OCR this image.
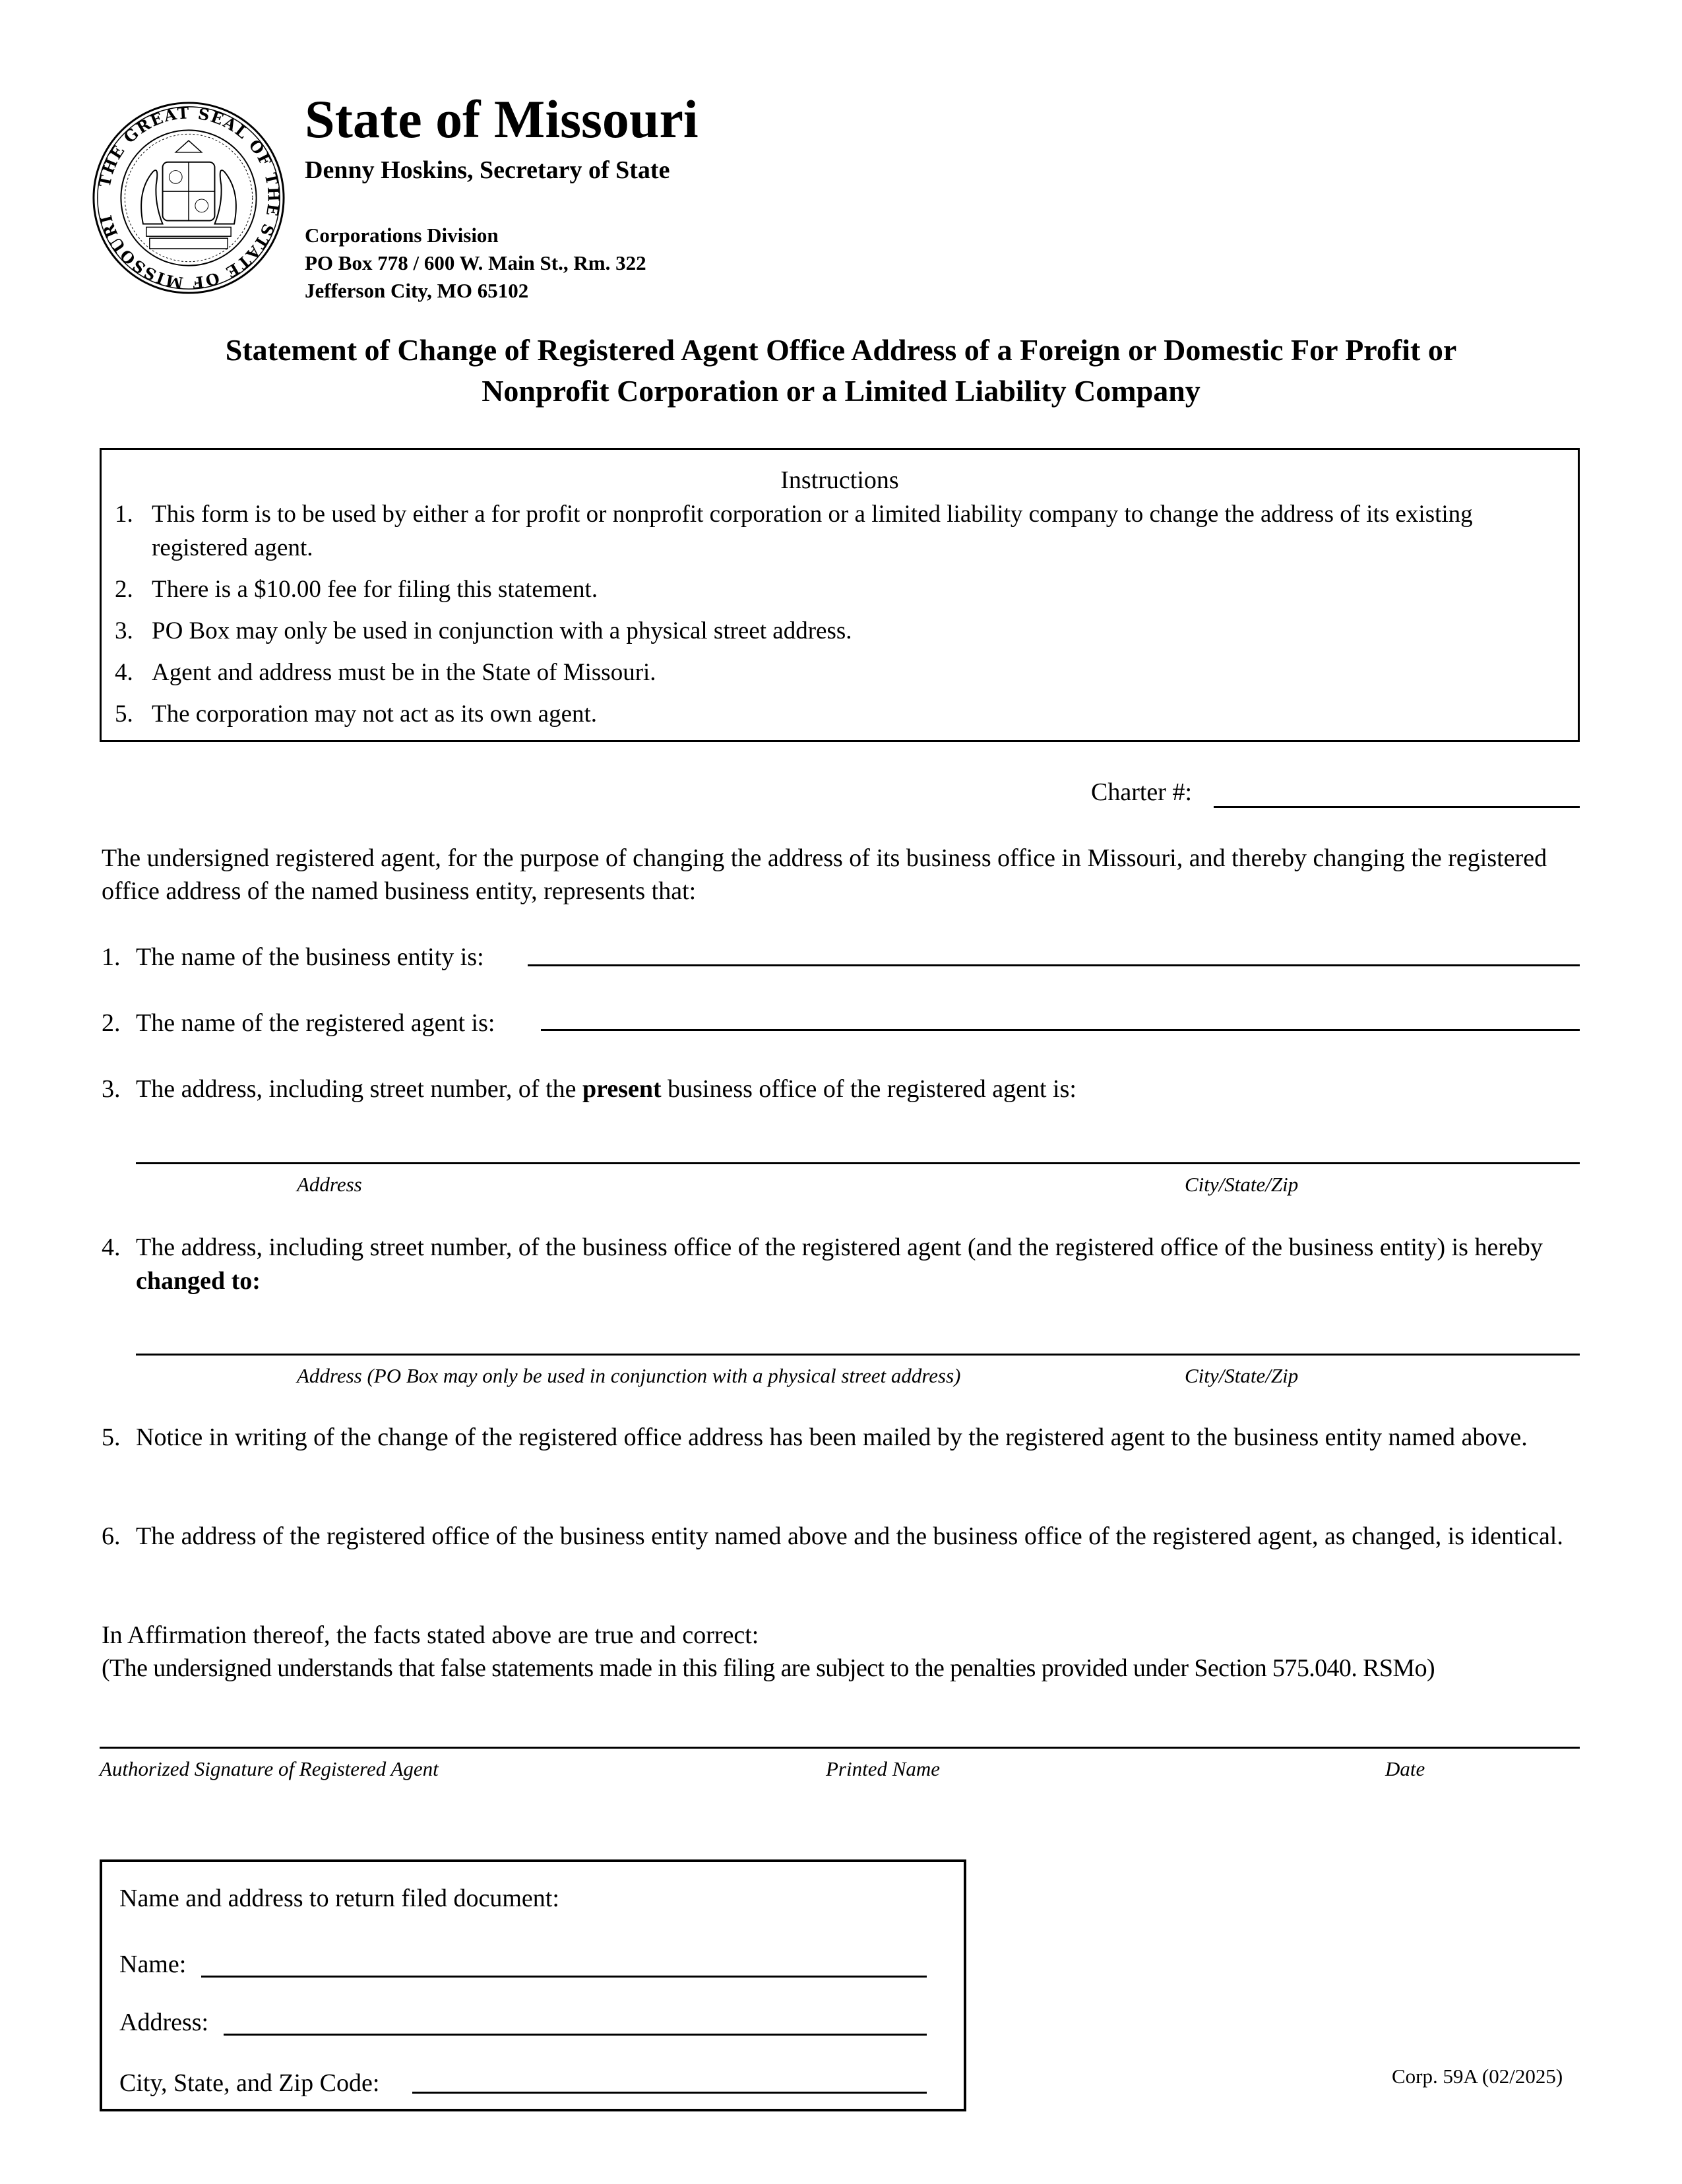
THE GREAT SEAL OF THE STATE OF MISSOURI
State of Missouri
Denny Hoskins, Secretary of State
Corporations Division
PO Box 778 / 600 W. Main St., Rm. 322
Jefferson City, MO 65102
Statement of Change of Registered Agent Office Address of a Foreign or Domestic For Profit or
Nonprofit Corporation or a Limited Liability Company
Instructions
1. This form is to be used by either a for profit or nonprofit corporation or a limited liability company to change the address of its existing registered agent.
2. There is a $10.00 fee for filing this statement.
3. PO Box may only be used in conjunction with a physical street address.
4. Agent and address must be in the State of Missouri.
5. The corporation may not act as its own agent.
Charter #:
The undersigned registered agent, for the purpose of changing the address of its business office in Missouri, and thereby changing the registered office address of the named business entity, represents that:
1. The name of the business entity is:
2. The name of the registered agent is:
3. The address, including street number, of the present business office of the registered agent is:
Address	City/State/Zip
4. The address, including street number, of the business office of the registered agent (and the registered office of the business entity) is hereby changed to:
Address (PO Box may only be used in conjunction with a physical street address)	City/State/Zip
5. Notice in writing of the change of the registered office address has been mailed by the registered agent to the business entity named above.
6. The address of the registered office of the business entity named above and the business office of the registered agent, as changed, is identical.
In Affirmation thereof, the facts stated above are true and correct:
(The undersigned understands that false statements made in this filing are subject to the penalties provided under Section 575.040. RSMo)
Authorized Signature of Registered Agent	Printed Name	Date
Name and address to return filed document:
Name:
Address:
City, State, and Zip Code:	Corp. 59A (02/2025)
